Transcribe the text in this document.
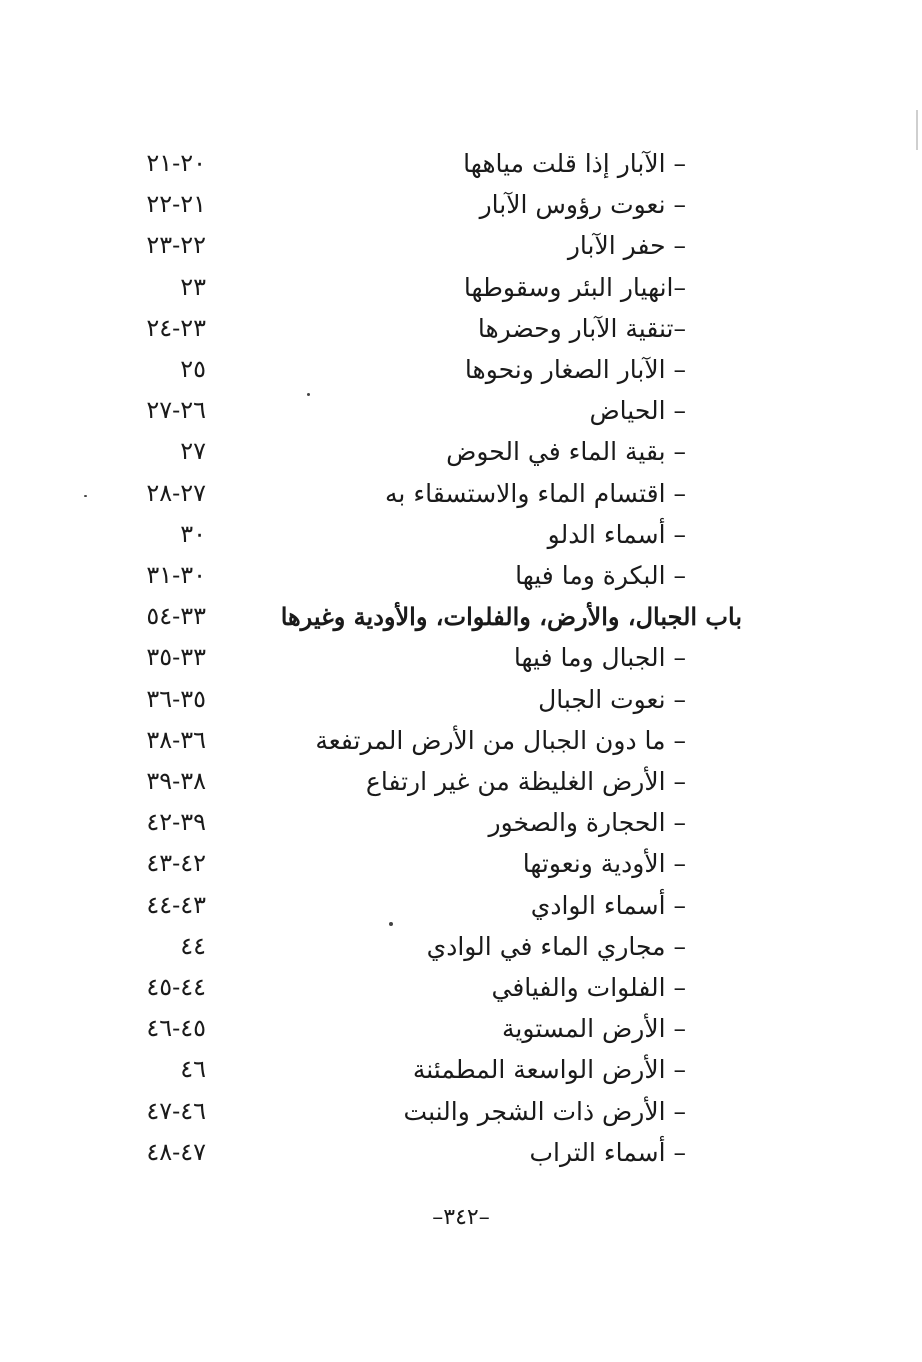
– الآبار إذا قلت مياهها
٢٠-٢١
– نعوت رؤوس الآبار
٢١-٢٢
– حفر الآبار
٢٢-٢٣
–انهيار البئر وسقوطها
٢٣
–تنقية الآبار وحضرها
٢٣-٢٤
– الآبار الصغار ونحوها
٢٥
– الحياض
٢٦-٢٧
– بقية الماء في الحوض
٢٧
– اقتسام الماء والاستسقاء به
٢٧-٢٨
– أسماء الدلو
٣٠
– البكرة وما فيها
٣٠-٣١
باب الجبال، والأرض، والفلوات، والأودية وغيرها
٣٣-٥٤
– الجبال وما فيها
٣٣-٣٥
– نعوت الجبال
٣٥-٣٦
– ما دون الجبال من الأرض المرتفعة
٣٦-٣٨
– الأرض الغليظة من غير ارتفاع
٣٨-٣٩
– الحجارة والصخور
٣٩-٤٢
– الأودية ونعوتها
٤٢-٤٣
– أسماء الوادي
٤٣-٤٤
– مجاري الماء في الوادي
٤٤
– الفلوات والفيافي
٤٤-٤٥
– الأرض المستوية
٤٥-٤٦
– الأرض الواسعة المطمئنة
٤٦
– الأرض ذات الشجر والنبت
٤٦-٤٧
– أسماء التراب
٤٧-٤٨
–٣٤٢–
